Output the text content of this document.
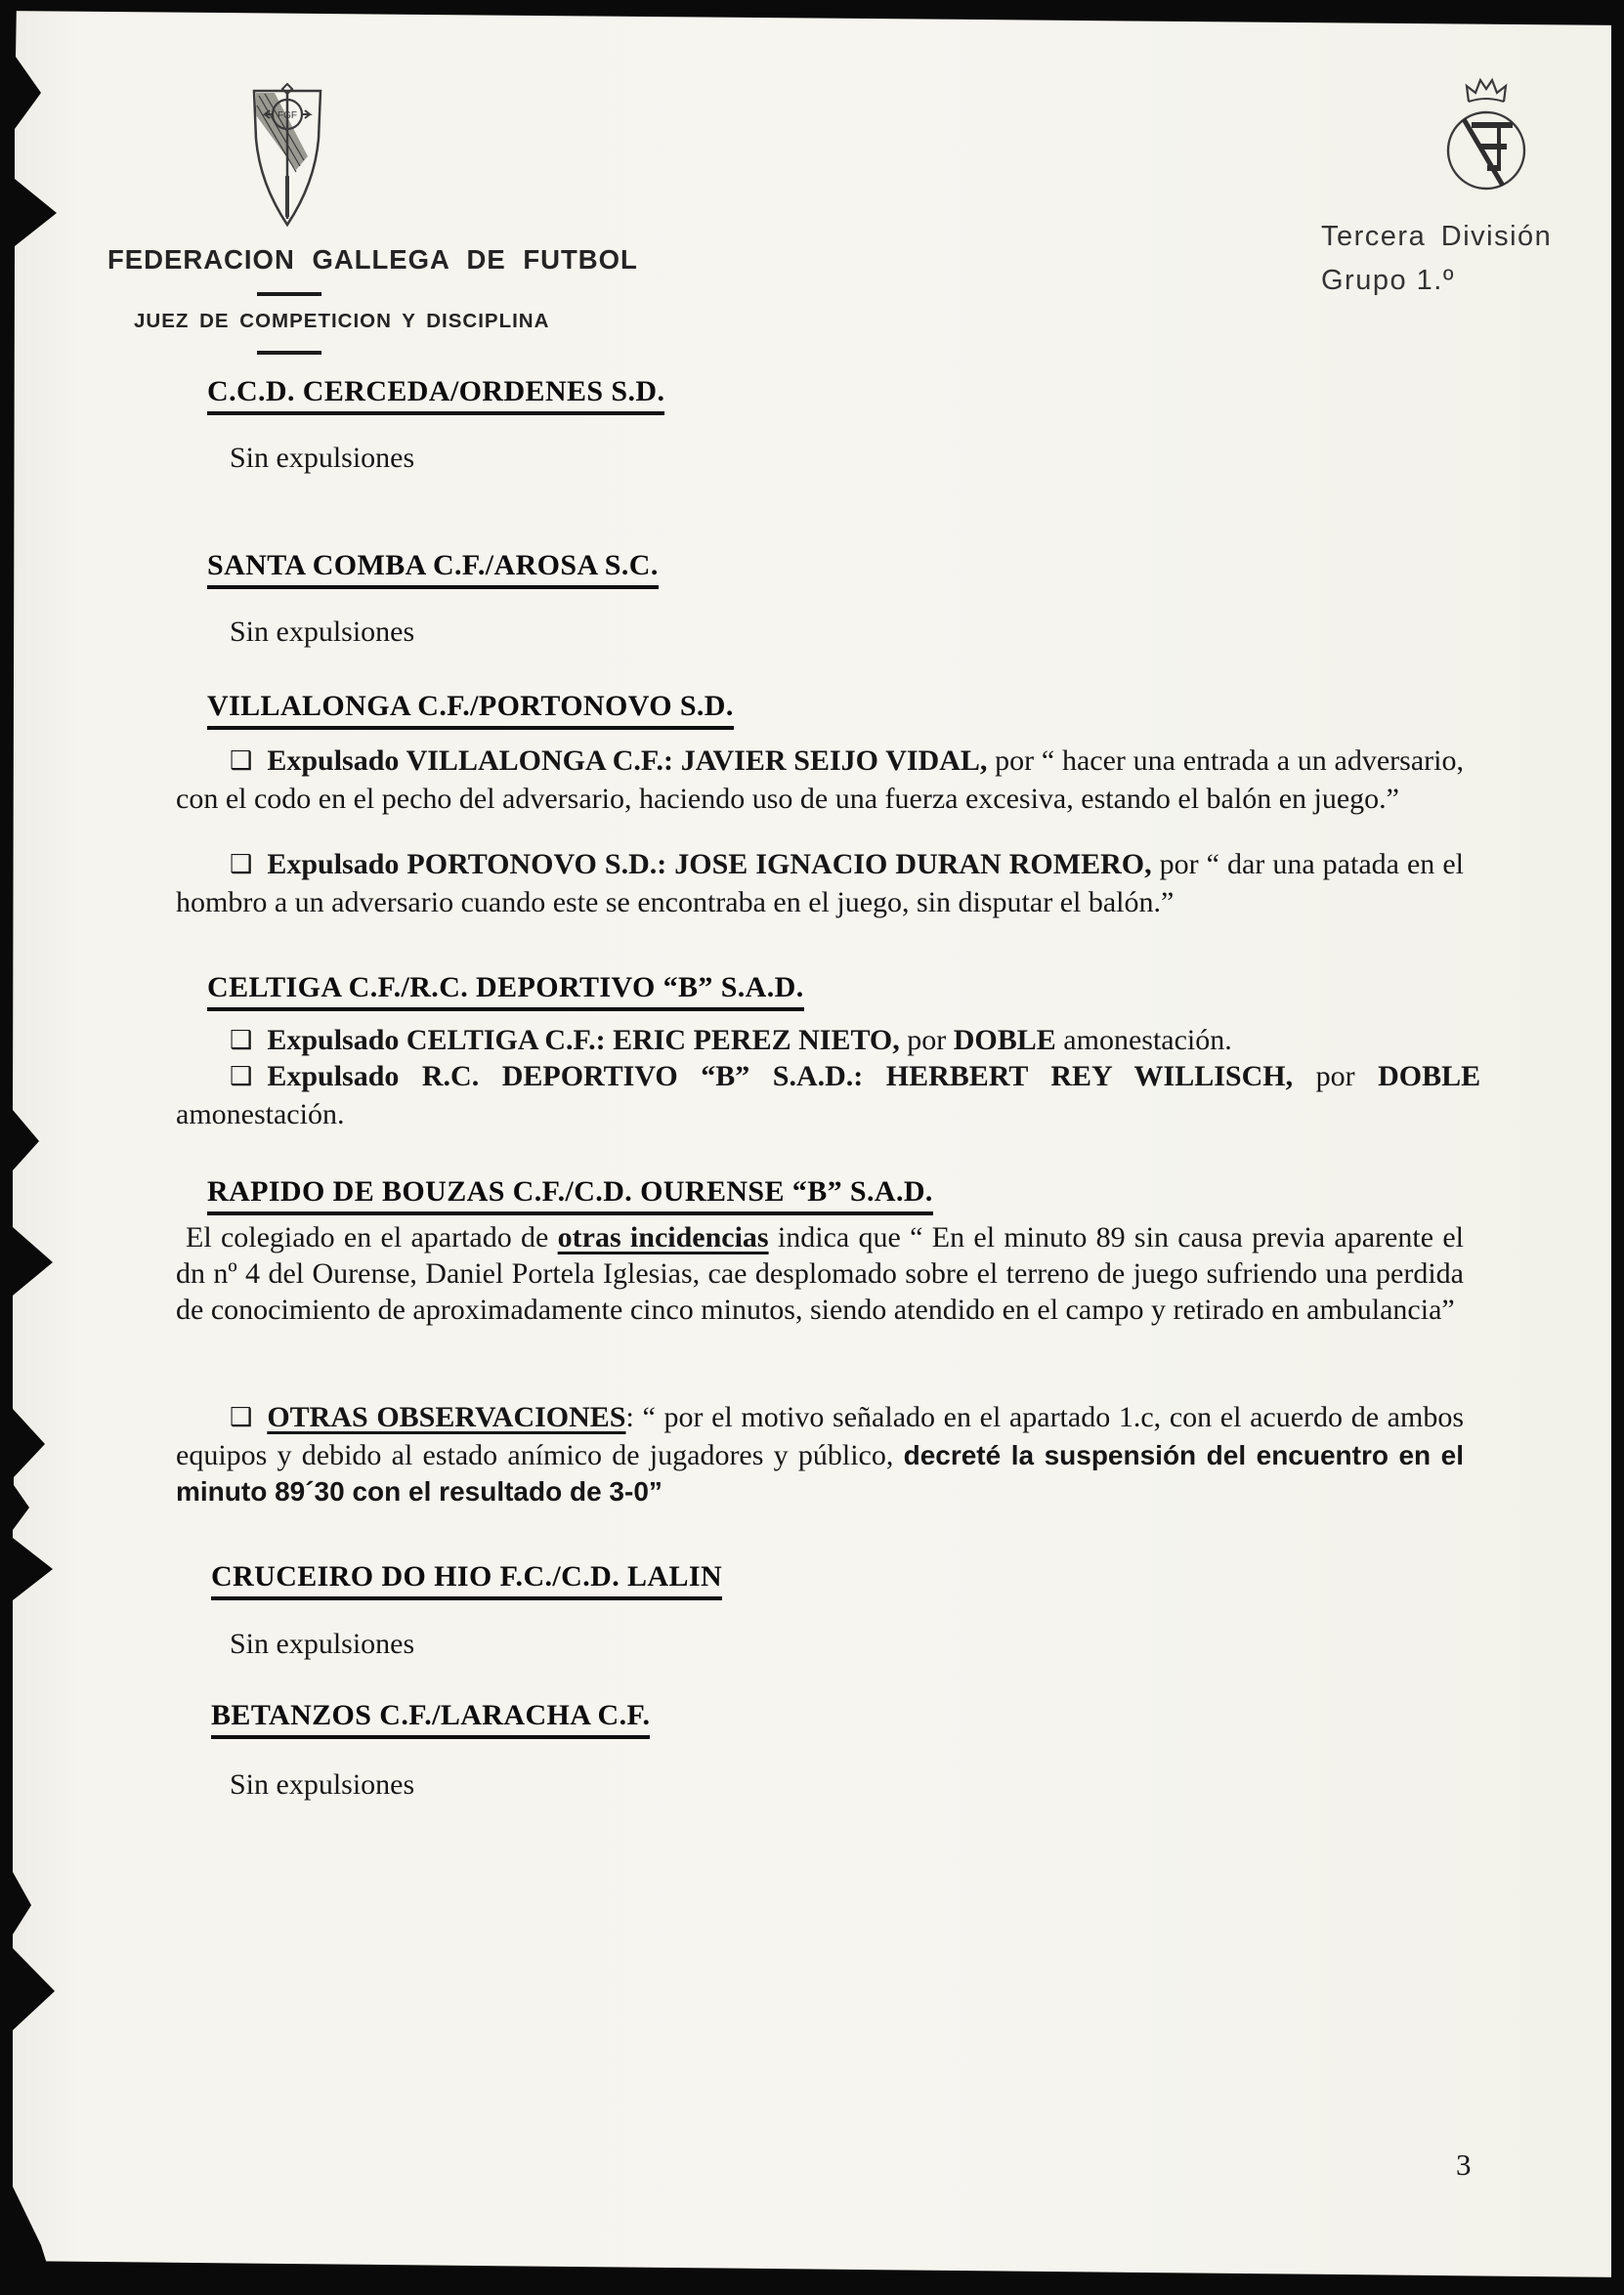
FGF
FEDERACION GALLEGA DE FUTBOL
JUEZ DE COMPETICION Y DISCIPLINA
Tercera División
Grupo 1.º
C.C.D. CERCEDA/ORDENES S.D.
Sin expulsiones
SANTA COMBA C.F./AROSA S.C.
Sin expulsiones
VILLALONGA C.F./PORTONOVO S.D.

❑ Expulsado VILLALONGA C.F.: JAVIER SEIJO VIDAL, por “ hacer una entrada a un adversario, con el codo en el pecho del adversario, haciendo uso de una fuerza excesiva, estando el balón en juego.”

❑ Expulsado PORTONOVO S.D.: JOSE IGNACIO DURAN ROMERO, por “ dar una patada en el hombro a un adversario cuando este se encontraba en el juego, sin disputar el balón.”

CELTIGA C.F./R.C. DEPORTIVO “B” S.A.D.

❑ Expulsado CELTIGA C.F.: ERIC PEREZ NIETO, por DOBLE amonestación.

❑ Expulsado R.C. DEPORTIVO “B” S.A.D.: HERBERT REY WILLISCH, por DOBLE
amonestación.

RAPIDO DE BOUZAS C.F./C.D. OURENSE “B” S.A.D.

El colegiado en el apartado de otras incidencias indica que “ En el minuto 89 sin causa previa aparente el dn nº 4 del Ourense, Daniel Portela Iglesias, cae desplomado sobre el terreno de juego sufriendo una perdida de conocimiento de aproximadamente cinco minutos, siendo atendido en el campo y retirado en ambulancia”

❑ OTRAS OBSERVACIONES: “ por el motivo señalado en el apartado 1.c, con el acuerdo de ambos equipos y debido al estado anímico de jugadores y público, decreté la suspensión del encuentro en el minuto 89´30 con el resultado de 3-0”

CRUCEIRO DO HIO F.C./C.D. LALIN
Sin expulsiones
BETANZOS C.F./LARACHA C.F.
Sin expulsiones
3
